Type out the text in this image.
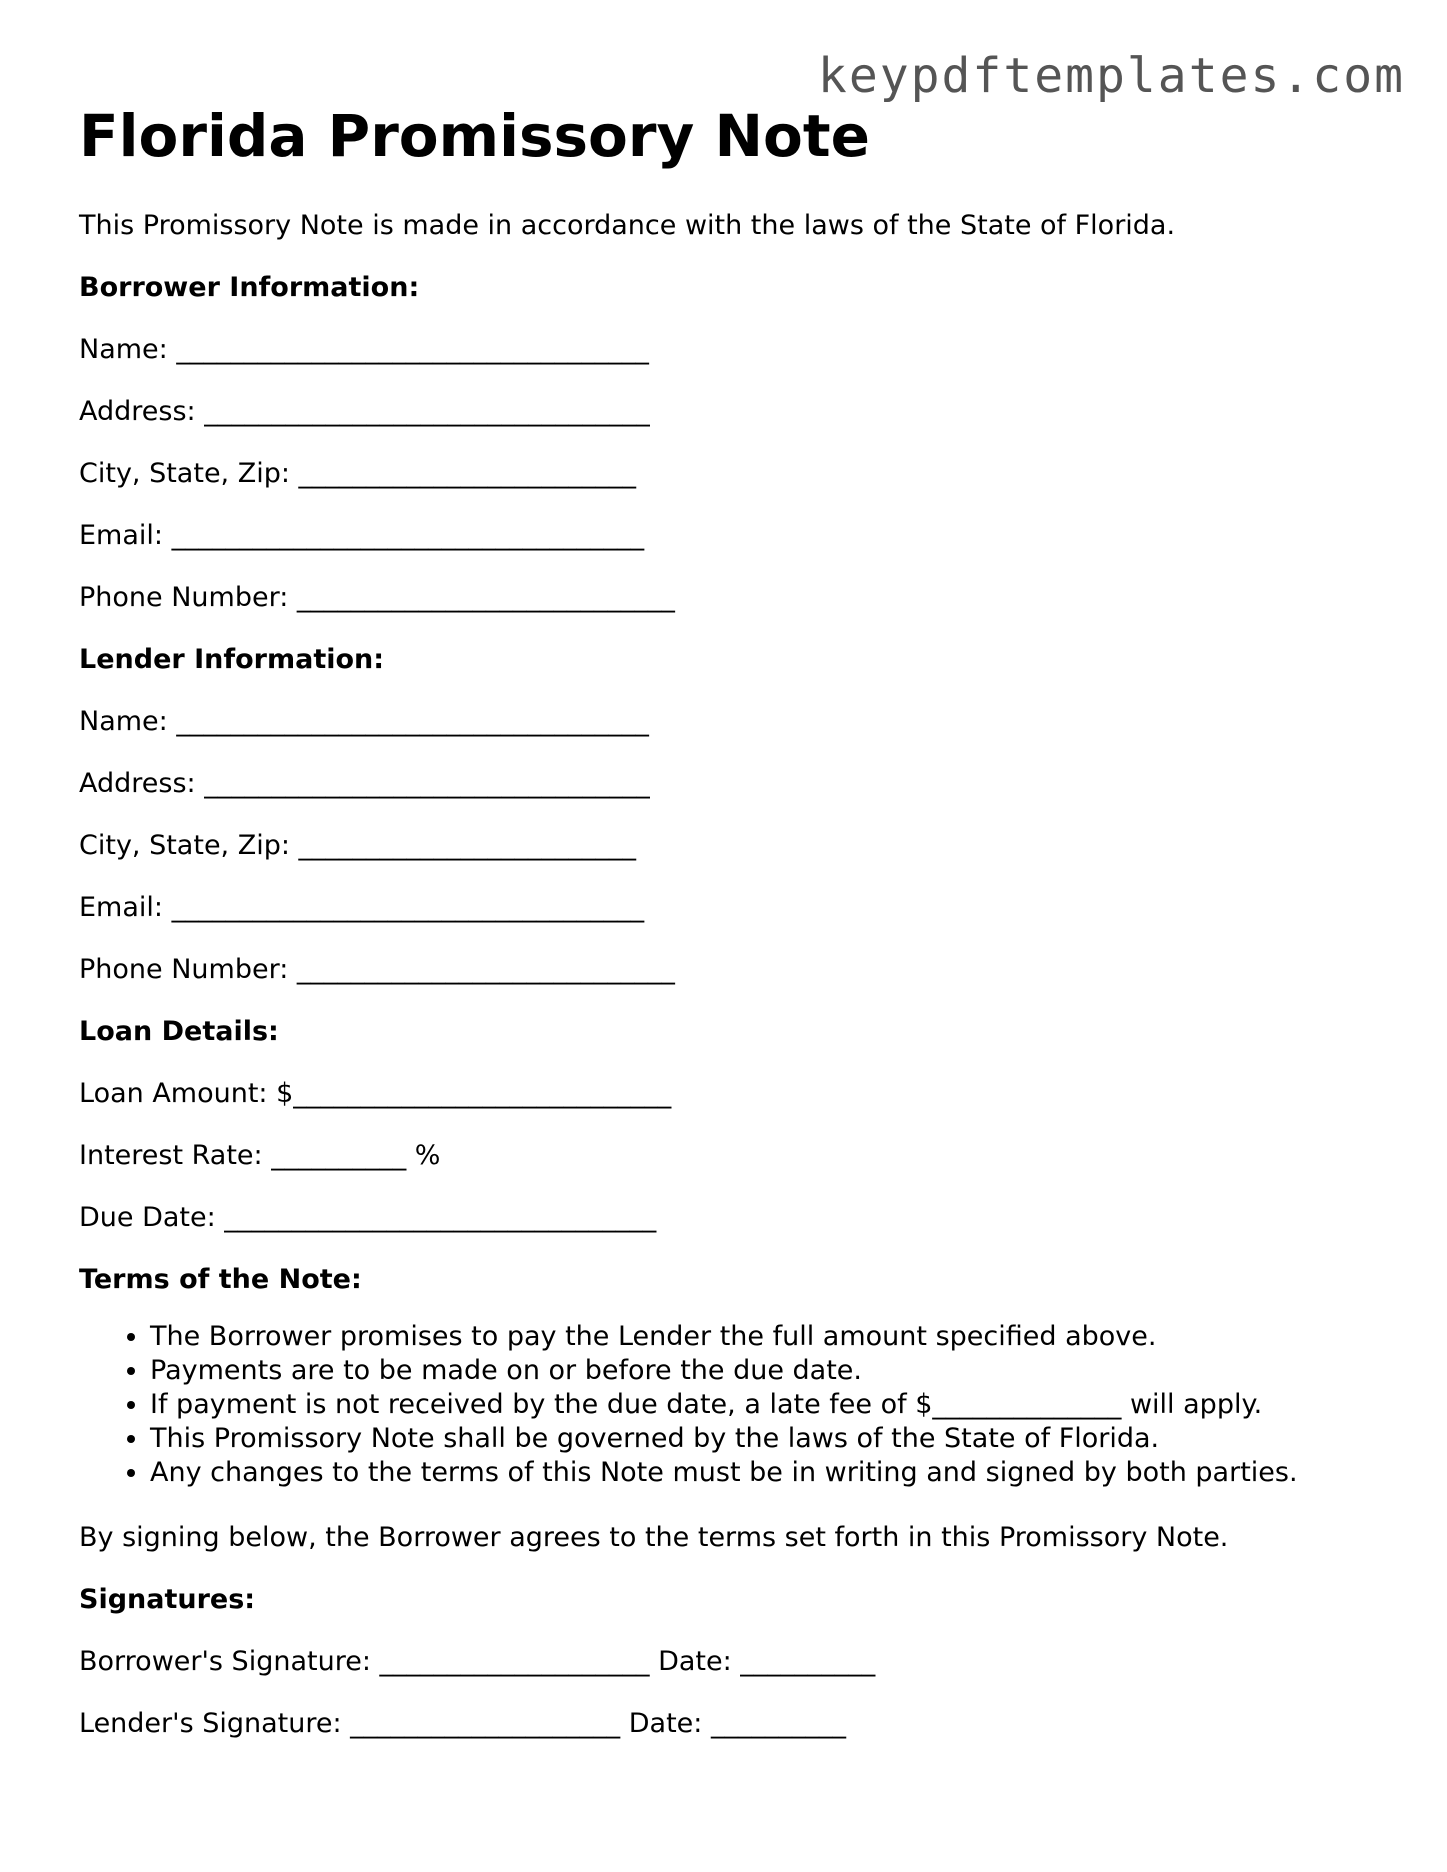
keypdftemplates.com
Florida Promissory Note

This Promissory Note is made in accordance with the laws of the State of Florida.

Borrower Information:
Name: ___________________________________
Address: _________________________________
City, State, Zip: _________________________
Email: ___________________________________
Phone Number: ____________________________
Lender Information:
Name: ___________________________________
Address: _________________________________
City, State, Zip: _________________________
Email: ___________________________________
Phone Number: ____________________________
Loan Details:
Loan Amount: $____________________________
Interest Rate: __________ %
Due Date: ________________________________
Terms of the Note:
• The Borrower promises to pay the Lender the full amount specified above.
• Payments are to be made on or before the due date.
• If payment is not received by the due date, a late fee of $______________ will apply.
• This Promissory Note shall be governed by the laws of the State of Florida.
• Any changes to the terms of this Note must be in writing and signed by both parties.

By signing below, the Borrower agrees to the terms set forth in this Promissory Note.

Signatures:
Borrower's Signature: ____________________ Date: __________
Lender's Signature: ____________________ Date: __________
